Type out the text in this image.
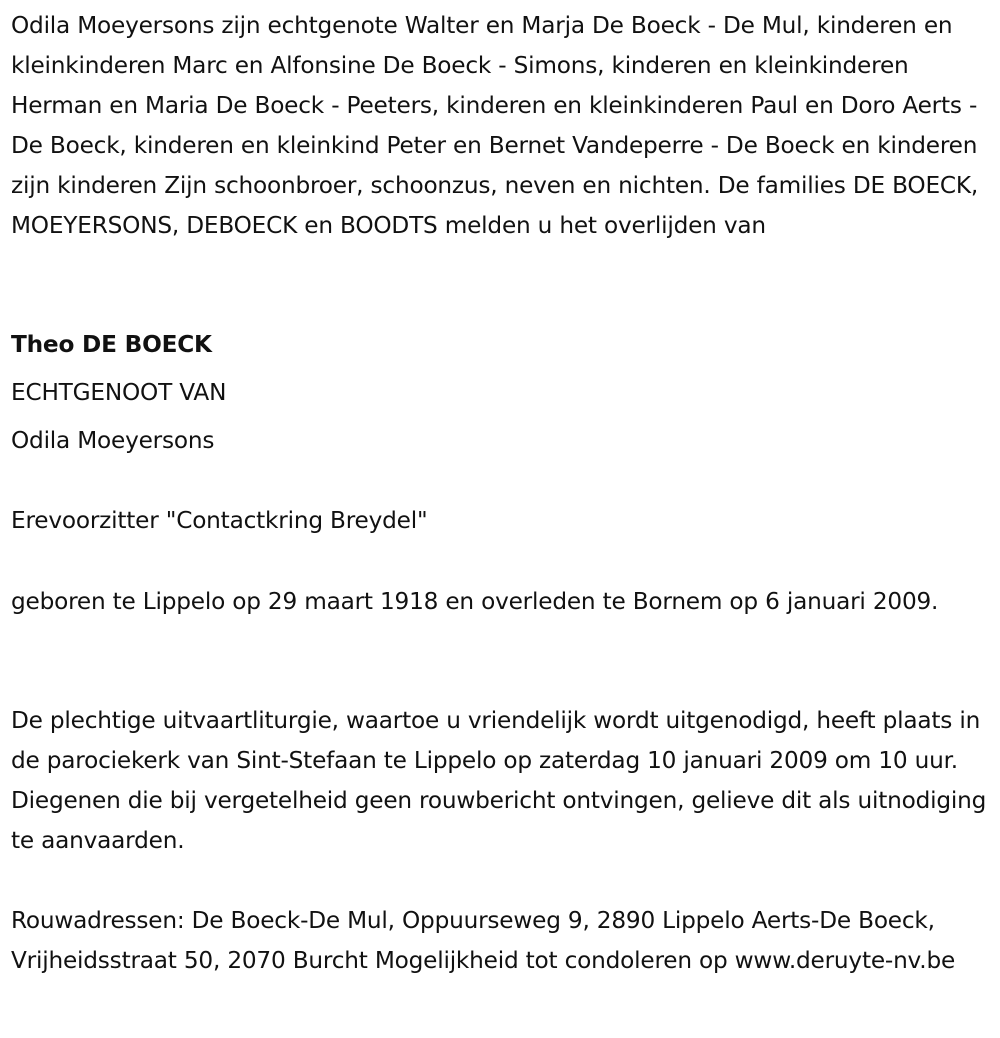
Odila Moeyersons zijn echtgenote Walter en Marja De Boeck - De Mul, kinderen en kleinkinderen Marc en Alfonsine De Boeck - Simons, kinderen en kleinkinderen Herman en Maria De Boeck - Peeters, kinderen en kleinkinderen Paul en Doro Aerts - De Boeck, kinderen en kleinkind Peter en Bernet Vandeperre - De Boeck en kinderen zijn kinderen Zijn schoonbroer, schoonzus, neven en nichten. De families DE BOECK, MOEYERSONS, DEBOECK en BOODTS melden u het overlijden van

Theo DE BOECK

ECHTGENOOT VAN

Odila Moeyersons

Erevoorzitter "Contactkring Breydel"

geboren te Lippelo op 29 maart 1918 en overleden te Bornem op 6 januari 2009.

De plechtige uitvaartliturgie, waartoe u vriendelijk wordt uitgenodigd, heeft plaats in de parociekerk van Sint-Stefaan te Lippelo op zaterdag 10 januari 2009 om 10 uur. Diegenen die bij vergetelheid geen rouwbericht ontvingen, gelieve dit als uitnodiging te aanvaarden.

Rouwadressen: De Boeck-De Mul, Oppuurseweg 9, 2890 Lippelo Aerts-De Boeck, Vrijheidsstraat 50, 2070 Burcht Mogelijkheid tot condoleren op www.deruyte-nv.be
